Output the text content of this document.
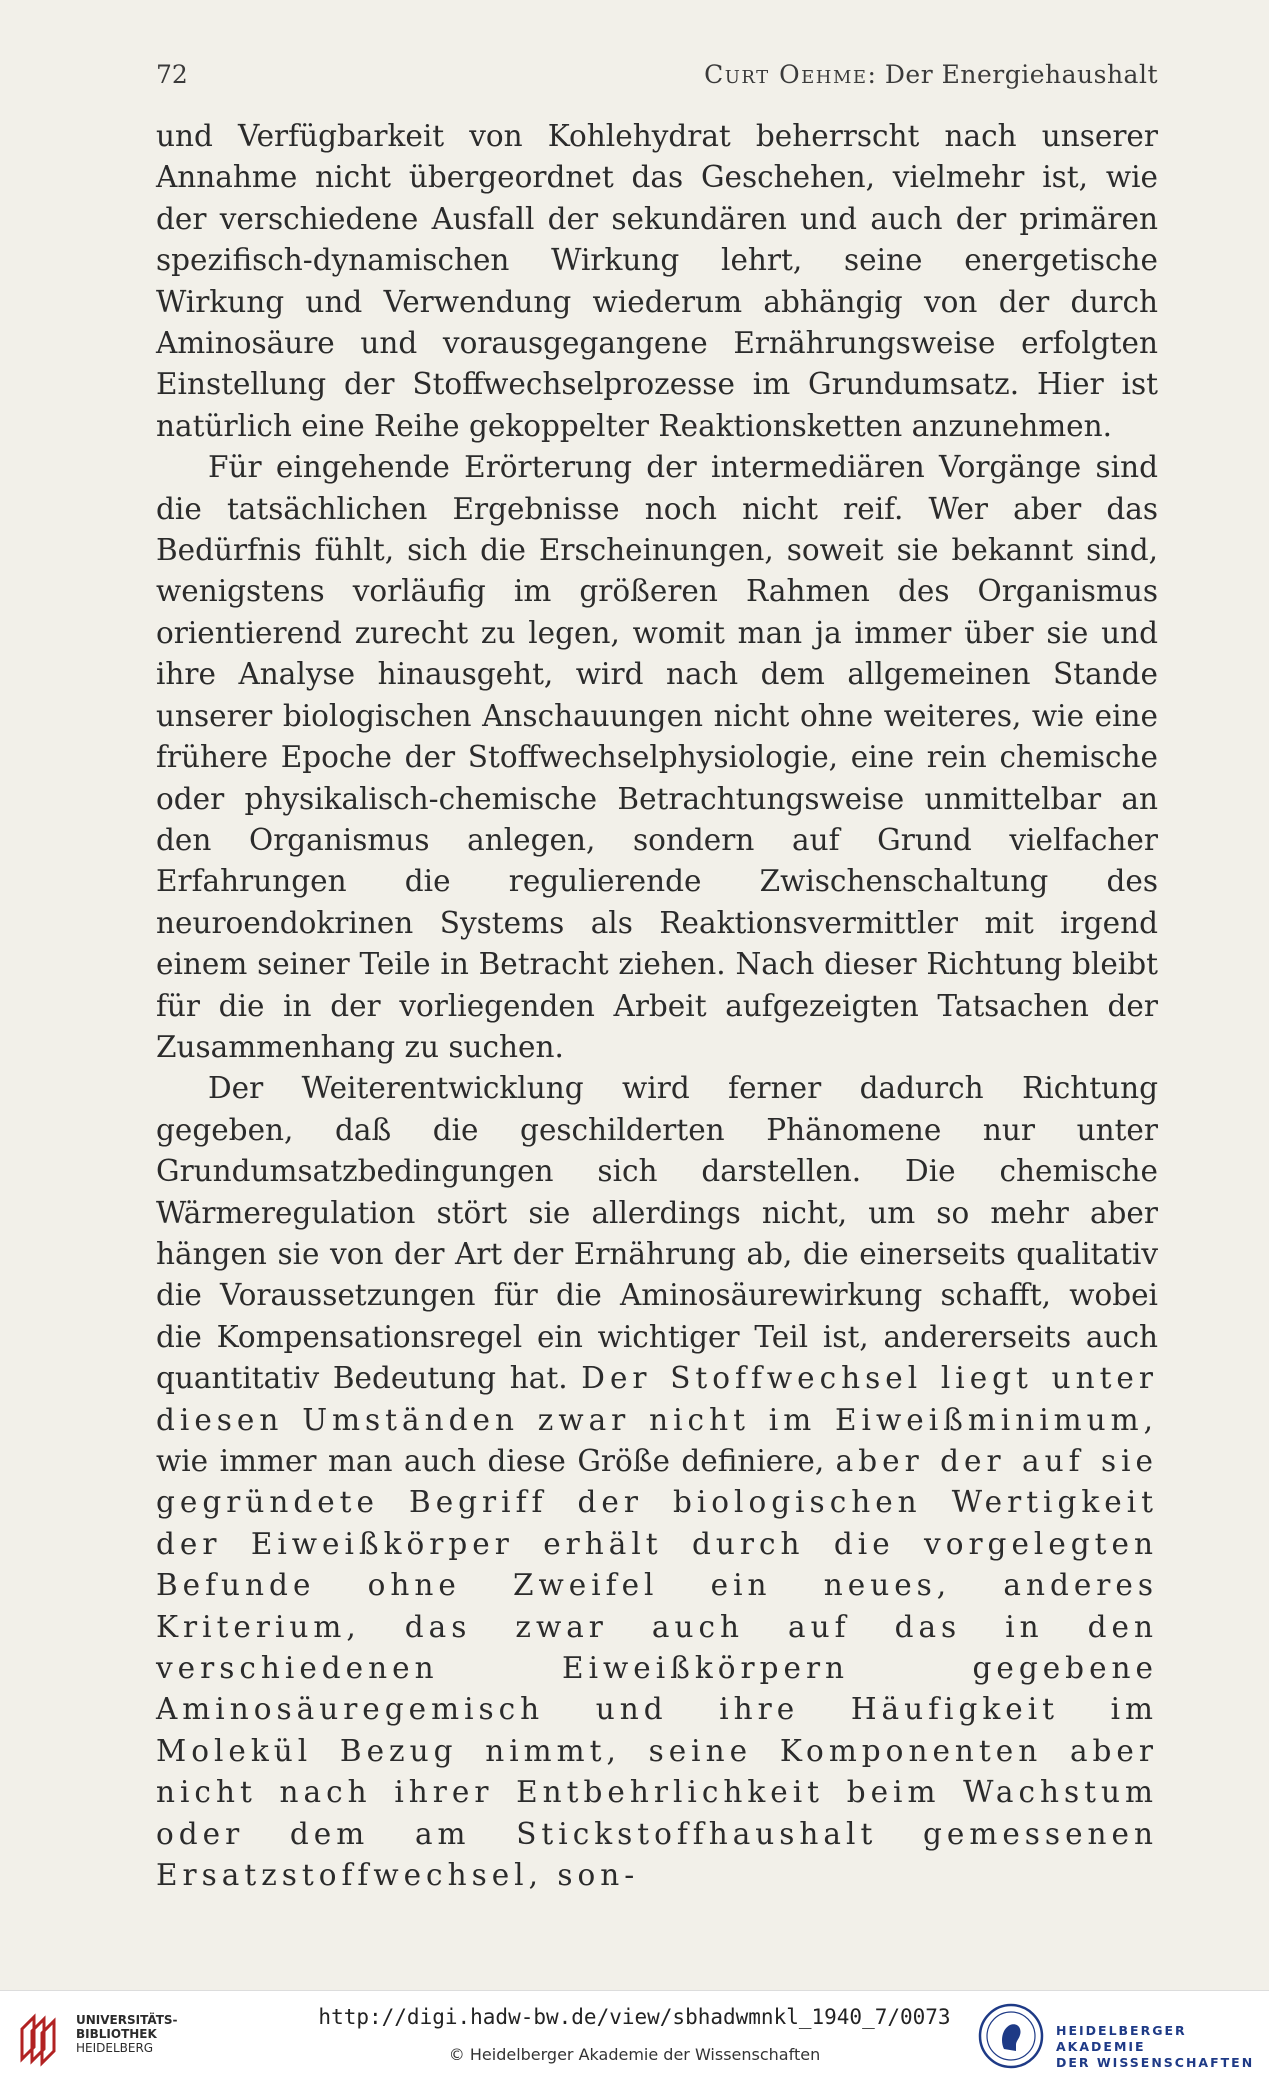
72	Curt Oehme: Der Energiehaushalt

und Verfügbarkeit von Kohlehydrat beherrscht nach unserer Annahme nicht übergeordnet das Geschehen, vielmehr ist, wie der verschiedene Ausfall der sekundären und auch der primären spezifisch-dynamischen Wirkung lehrt, seine energetische Wirkung und Verwendung wiederum abhängig von der durch Aminosäure und vorausgegangene Ernährungsweise erfolgten Einstellung der Stoffwechselprozesse im Grundumsatz. Hier ist natürlich eine Reihe gekoppelter Reaktionsketten anzunehmen.

Für eingehende Erörterung der intermediären Vorgänge sind die tatsächlichen Ergebnisse noch nicht reif. Wer aber das Bedürfnis fühlt, sich die Erscheinungen, soweit sie bekannt sind, wenigstens vorläufig im größeren Rahmen des Organismus orientierend zurecht zu legen, womit man ja immer über sie und ihre Analyse hinausgeht, wird nach dem allgemeinen Stande unserer biologischen Anschauungen nicht ohne weiteres, wie eine frühere Epoche der Stoffwechselphysiologie, eine rein chemische oder physikalisch-chemische Betrachtungsweise unmittelbar an den Organismus anlegen, sondern auf Grund vielfacher Erfahrungen die regulierende Zwischenschaltung des neuroendokrinen Systems als Reaktionsvermittler mit irgend einem seiner Teile in Betracht ziehen. Nach dieser Richtung bleibt für die in der vorliegenden Arbeit aufgezeigten Tatsachen der Zusammenhang zu suchen.

Der Weiterentwicklung wird ferner dadurch Richtung gegeben, daß die geschilderten Phänomene nur unter Grundumsatzbedingungen sich darstellen. Die chemische Wärmeregulation stört sie allerdings nicht, um so mehr aber hängen sie von der Art der Ernährung ab, die einerseits qualitativ die Voraussetzungen für die Aminosäurewirkung schafft, wobei die Kompensationsregel ein wichtiger Teil ist, andererseits auch quantitativ Bedeutung hat. Der Stoffwechsel liegt unter diesen Umständen zwar nicht im Eiweißminimum, wie immer man auch diese Größe definiere, aber der auf sie gegründete Begriff der biologischen Wertigkeit der Eiweißkörper erhält durch die vorgelegten Befunde ohne Zweifel ein neues, anderes Kriterium, das zwar auch auf das in den verschiedenen Eiweißkörpern gegebene Aminosäuregemisch und ihre Häufigkeit im Molekül Bezug nimmt, seine Komponenten aber nicht nach ihrer Entbehrlichkeit beim Wachstum oder dem am Stickstoffhaushalt gemessenen Ersatzstoffwechsel, son-

UNIVERSITÄTS-
BIBLIOTHEK
HEIDELBERG
http://digi.hadw-bw.de/view/sbhadwmnkl_1940_7/0073
© Heidelberger Akademie der Wissenschaften
HEIDELBERGER AKADEMIE
DER WISSENSCHAFTEN
